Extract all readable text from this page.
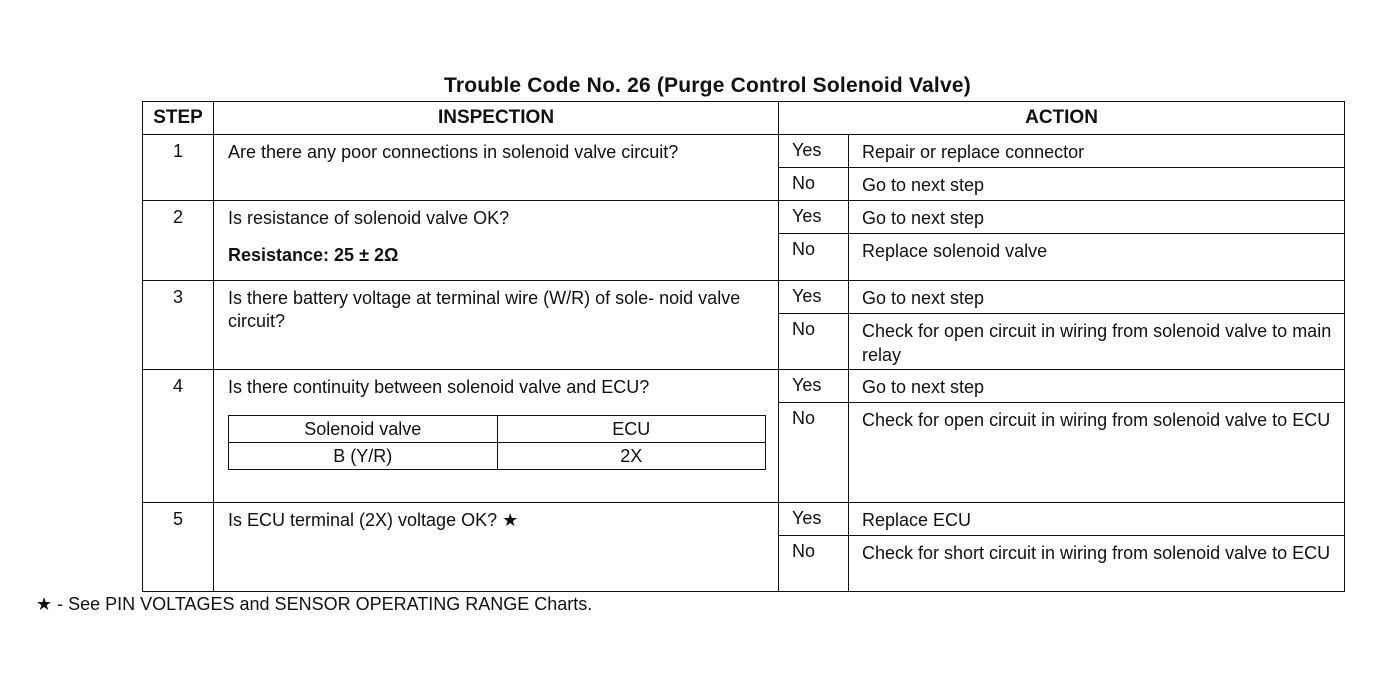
Trouble Code No. 26 (Purge Control Solenoid Valve)
STEP	INSPECTION	ACTION
1	Are there any poor connections in solenoid valve circuit?	Yes	Repair or replace connector
No	Go to next step
2	Is resistance of solenoid valve OK?
Resistance: 25 ± 2Ω
	Yes	Go to next step
No	Replace solenoid valve
3	Is there battery voltage at terminal wire (W/R) of sole- noid valve circuit?	Yes	Go to next step
No	Check for open circuit in wiring from solenoid valve to main relay
4	Is there continuity between solenoid valve and ECU?
Solenoid valve	ECU
B (Y/R)	2X
	Yes	Go to next step
No	Check for open circuit in wiring from solenoid valve to ECU
5	Is ECU terminal (2X) voltage OK? ★	Yes	Replace ECU
No	Check for short circuit in wiring from solenoid valve to ECU
★ - See PIN VOLTAGES and SENSOR OPERATING RANGE Charts.
